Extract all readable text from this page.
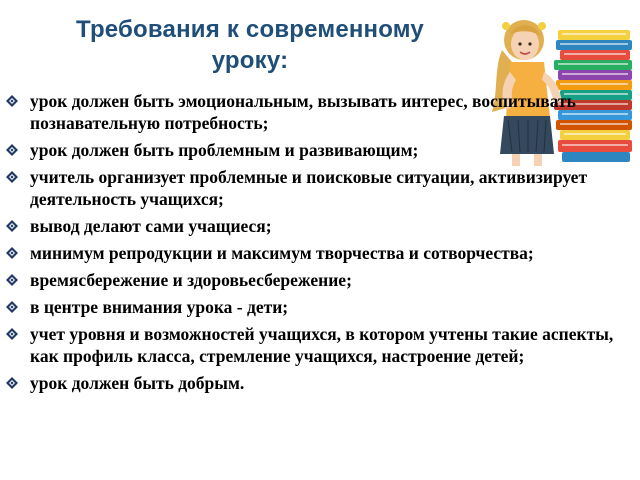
Требования к современному
уроку:
урок должен быть эмоциональным, вызывать интерес, воспитывать познавательную потребность;
урок должен быть проблемным и развивающим;
учитель организует проблемные и поисковые ситуации, активизирует деятельность учащихся;
вывод делают сами учащиеся;
минимум репродукции и максимум творчества и сотворчества;
времясбережение и здоровьесбережение;
в центре внимания урока - дети;
учет уровня и возможностей учащихся, в котором учтены такие аспекты, как профиль класса, стремление учащихся, настроение детей;
урок должен быть добрым.
